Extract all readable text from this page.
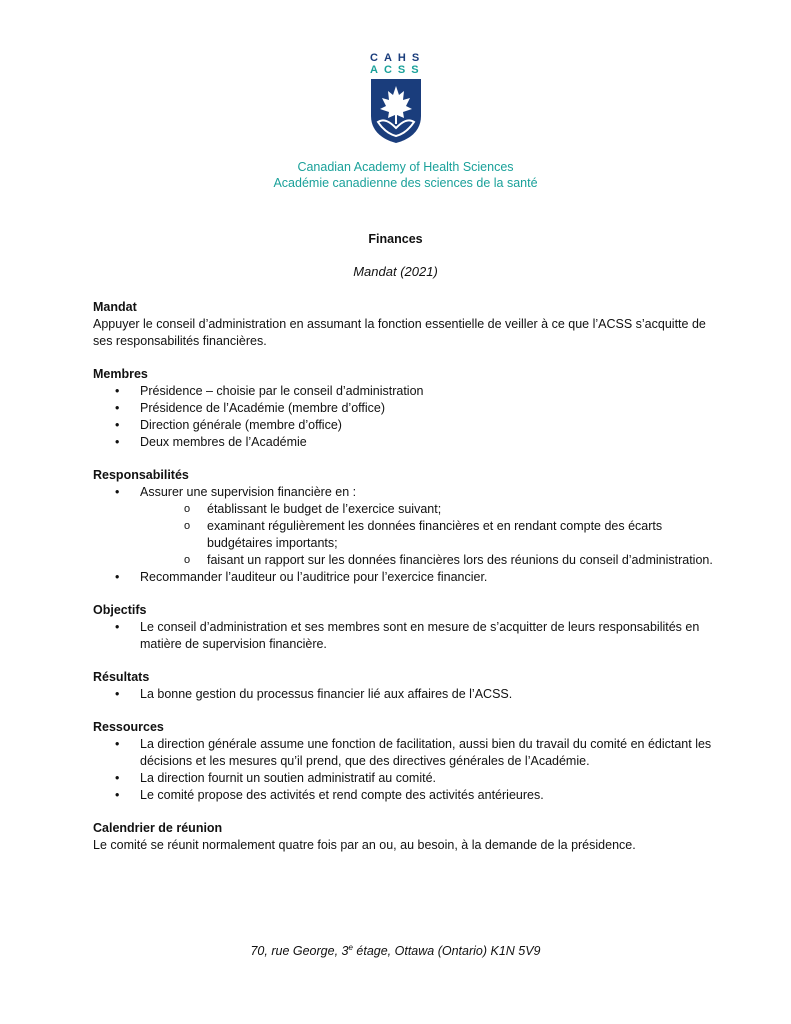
CAHS
ACSS
Canadian Academy of Health Sciences
Académie canadienne des sciences de la santé
Finances
Mandat (2021)
Mandat
Appuyer le conseil d’administration en assumant la fonction essentielle de veiller à ce que l’ACSS s’acquitte de ses responsabilités financières.
Membres
• Présidence – choisie par le conseil d’administration
• Présidence de l’Académie (membre d’office)
• Direction générale (membre d’office)
• Deux membres de l’Académie
Responsabilités
• Assurer une supervision financière en :
o établissant le budget de l’exercice suivant;
o examinant régulièrement les données financières et en rendant compte des écarts budgétaires importants;
o faisant un rapport sur les données financières lors des réunions du conseil d’administration.
• Recommander l’auditeur ou l’auditrice pour l’exercice financier.
Objectifs
• Le conseil d’administration et ses membres sont en mesure de s’acquitter de leurs responsabilités en matière de supervision financière.
Résultats
• La bonne gestion du processus financier lié aux affaires de l’ACSS.
Ressources
• La direction générale assume une fonction de facilitation, aussi bien du travail du comité en édictant les décisions et les mesures qu’il prend, que des directives générales de l’Académie.
• La direction fournit un soutien administratif au comité.
• Le comité propose des activités et rend compte des activités antérieures.
Calendrier de réunion
Le comité se réunit normalement quatre fois par an ou, au besoin, à la demande de la présidence.
70, rue George, 3e étage, Ottawa (Ontario) K1N 5V9
